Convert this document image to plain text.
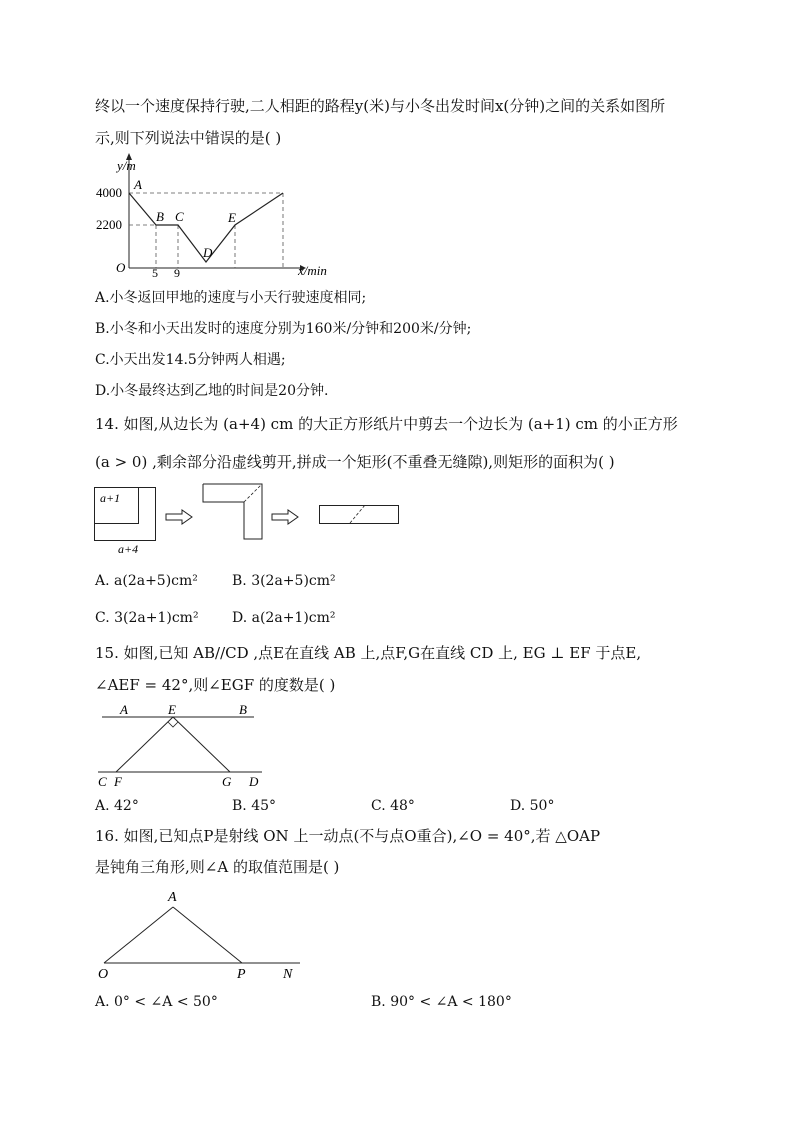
终以一个速度保持行驶,二人相距的路程y(米)与小冬出发时间x(分钟)之间的关系如图所
示,则下列说法中错误的是( )
y/m
x/min
O
4000
2200
5 9
A
B C
D
E
A.小冬返回甲地的速度与小天行驶速度相同;
B.小冬和小天出发时的速度分别为160米/分钟和200米/分钟;
C.小天出发14.5分钟两人相遇;
D.小冬最终达到乙地的时间是20分钟.
14. 如图,从边长为 (a+4) cm 的大正方形纸片中剪去一个边长为 (a+1) cm 的小正方形
(a > 0) ,剩余部分沿虚线剪开,拼成一个矩形(不重叠无缝隙),则矩形的面积为( )
a+1
a+4
A. a(2a+5)cm² B. 3(2a+5)cm²
C. 3(2a+1)cm² D. a(2a+1)cm²
15. 如图,已知 AB//CD ,点E在直线 AB 上,点F,G在直线 CD 上, EG ⊥ EF 于点E,
∠AEF = 42°,则∠EGF 的度数是( )
A	E	B
C F	G D
A. 42°	B. 45°	C. 48°	D. 50°
16. 如图,已知点P是射线 ON 上一动点(不与点O重合),∠O = 40°,若 △OAP
是钝角三角形,则∠A 的取值范围是( )
A
O	P	N
A. 0° < ∠A < 50°	B. 90° < ∠A < 180°
